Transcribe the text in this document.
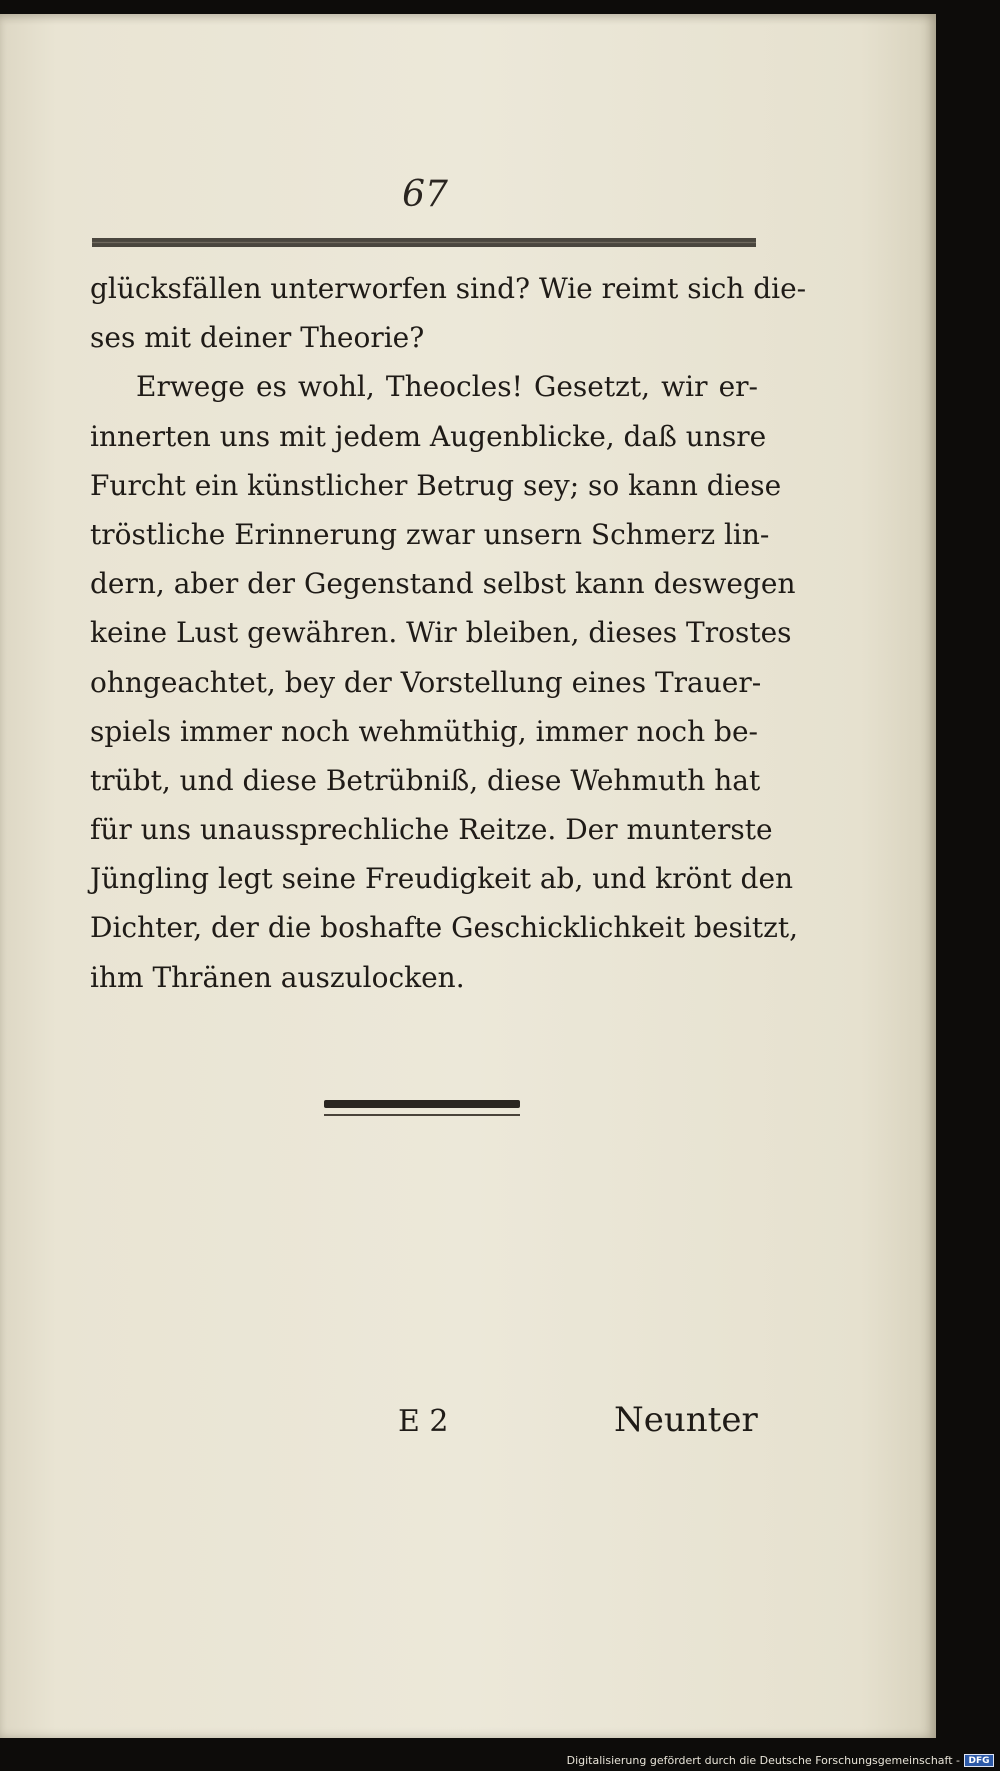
67
glücksfällen unterworfen sind? Wie reimt sich die-
ses mit deiner Theorie?
Erwege es wohl, Theocles! Gesetzt, wir er-
innerten uns mit jedem Augenblicke, daß unsre
Furcht ein künstlicher Betrug sey; so kann diese
tröstliche Erinnerung zwar unsern Schmerz lin-
dern, aber der Gegenstand selbst kann deswegen
keine Lust gewähren. Wir bleiben, dieses Trostes
ohngeachtet, bey der Vorstellung eines Trauer-
spiels immer noch wehmüthig, immer noch be-
trübt, und diese Betrübniß, diese Wehmuth hat
für uns unaussprechliche Reitze. Der munterste
Jüngling legt seine Freudigkeit ab, und krönt den
Dichter, der die boshafte Geschicklichkeit besitzt,
ihm Thränen auszulocken.
E 2	Neunter
Digitalisierung gefördert durch die Deutsche Forschungsgemeinschaft - DFG
